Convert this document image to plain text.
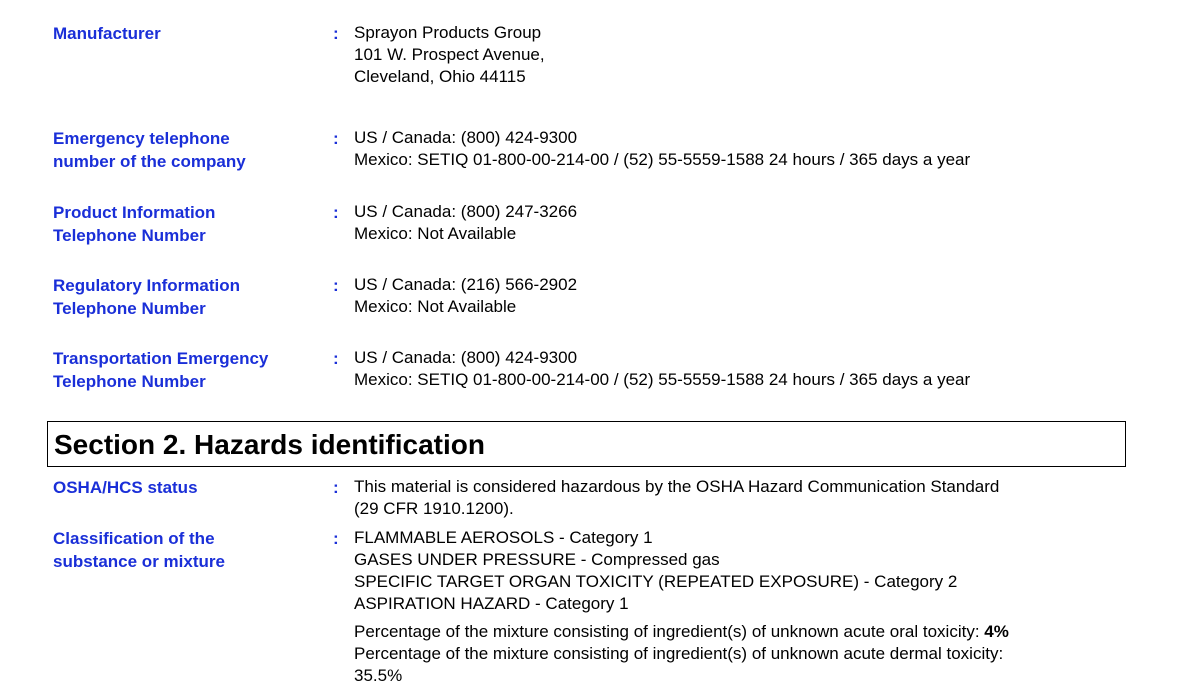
Manufacturer	: Sprayon Products Group
101 W. Prospect Avenue,
Cleveland, Ohio 44115
Emergency telephone
number of the company
: US / Canada: (800) 424-9300
Mexico: SETIQ 01-800-00-214-00 / (52) 55-5559-1588 24 hours / 365 days a year
Product Information
Telephone Number
: US / Canada: (800) 247-3266
Mexico: Not Available
Regulatory Information
Telephone Number
: US / Canada: (216) 566-2902
Mexico: Not Available
Transportation Emergency
Telephone Number
: US / Canada: (800) 424-9300
Mexico: SETIQ 01-800-00-214-00 / (52) 55-5559-1588 24 hours / 365 days a year
Section 2. Hazards identification
OSHA/HCS status	: This material is considered hazardous by the OSHA Hazard Communication Standard
(29 CFR 1910.1200).
Classification of the
substance or mixture
: FLAMMABLE AEROSOLS - Category 1
GASES UNDER PRESSURE - Compressed gas
SPECIFIC TARGET ORGAN TOXICITY (REPEATED EXPOSURE) - Category 2
ASPIRATION HAZARD - Category 1
Percentage of the mixture consisting of ingredient(s) of unknown acute oral toxicity: 4%
Percentage of the mixture consisting of ingredient(s) of unknown acute dermal toxicity:
35.5%
